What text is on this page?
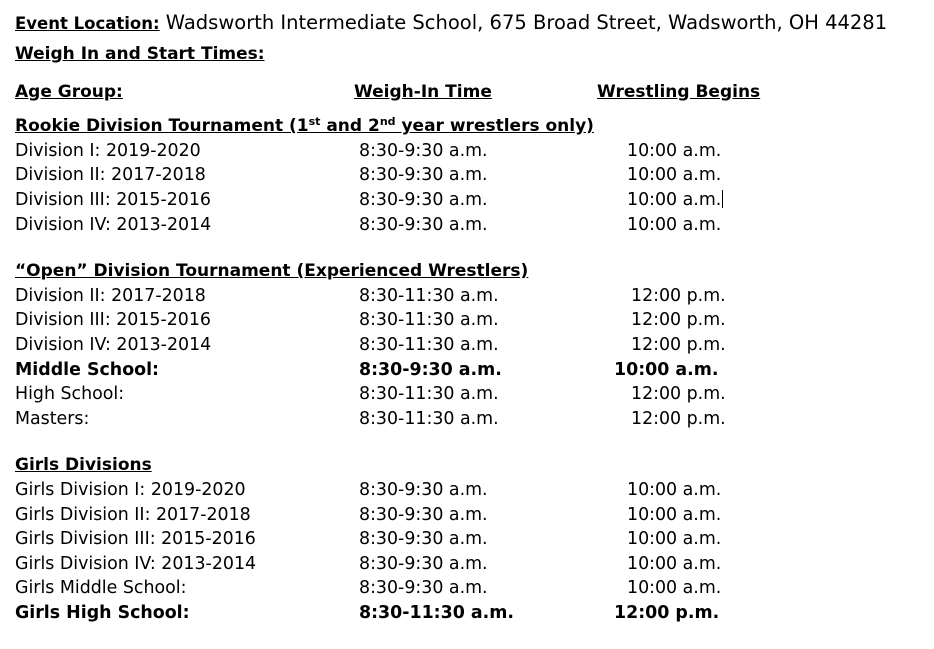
Event Location: Wadsworth Intermediate School, 675 Broad Street, Wadsworth, OH 44281
Weigh In and Start Times:
Age Group:	Weigh-In Time	Wrestling Begins
Rookie Division Tournament (1st and 2nd year wrestlers only)
Division I: 2019-2020	8:30-9:30 a.m.	10:00 a.m.
Division II: 2017-2018	8:30-9:30 a.m.	10:00 a.m.
Division III: 2015-2016	8:30-9:30 a.m.	10:00 a.m.
Division IV: 2013-2014	8:30-9:30 a.m.	10:00 a.m.
“Open” Division Tournament (Experienced Wrestlers)
Division II: 2017-2018	8:30-11:30 a.m.	12:00 p.m.
Division III: 2015-2016	8:30-11:30 a.m.	12:00 p.m.
Division IV: 2013-2014	8:30-11:30 a.m.	12:00 p.m.
Middle School:	8:30-9:30 a.m.	10:00 a.m.
High School:	8:30-11:30 a.m.	12:00 p.m.
Masters:	8:30-11:30 a.m.	12:00 p.m.
Girls Divisions
Girls Division I: 2019-2020	8:30-9:30 a.m.	10:00 a.m.
Girls Division II: 2017-2018	8:30-9:30 a.m.	10:00 a.m.
Girls Division III: 2015-2016	8:30-9:30 a.m.	10:00 a.m.
Girls Division IV: 2013-2014	8:30-9:30 a.m.	10:00 a.m.
Girls Middle School:	8:30-9:30 a.m.	10:00 a.m.
Girls High School:	8:30-11:30 a.m.	12:00 p.m.
